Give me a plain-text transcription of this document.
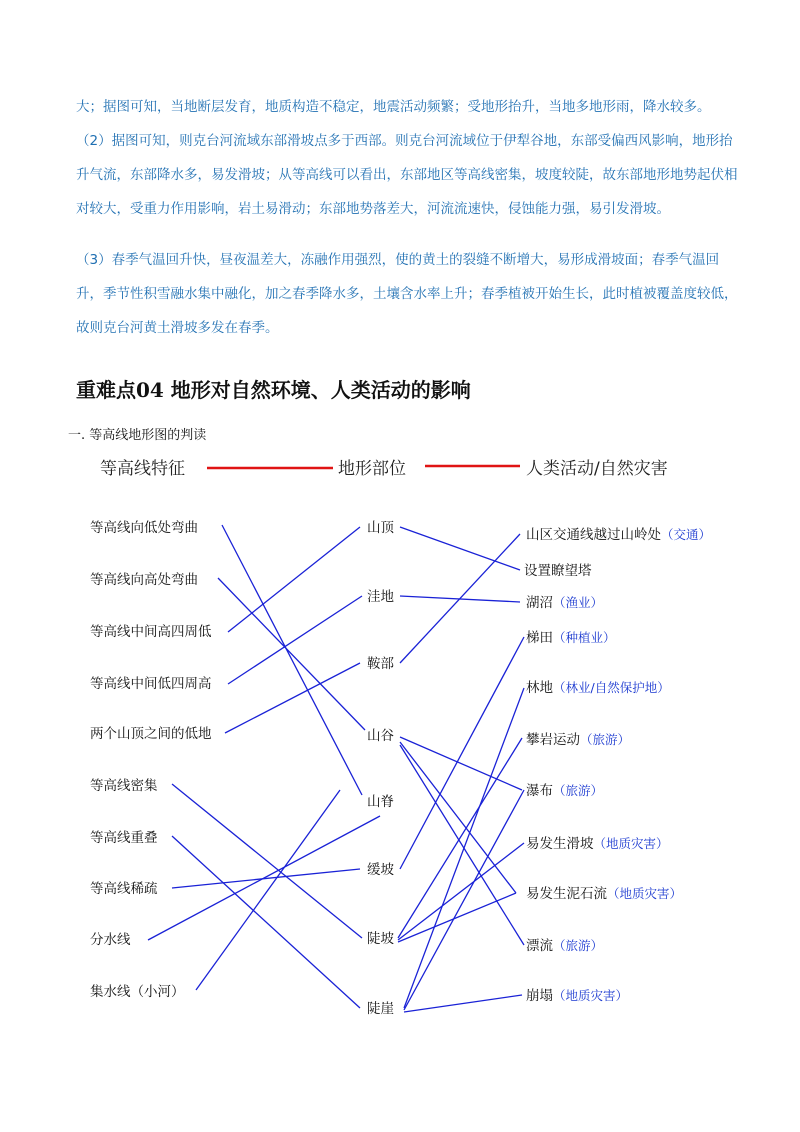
大；据图可知，当地断层发育，地质构造不稳定，地震活动频繁；受地形抬升，当地多地形雨，降水较多。

（2）据图可知，则克台河流域东部滑坡点多于西部。则克台河流域位于伊犁谷地，东部受偏西风影响，地形抬升气流，东部降水多，易发滑坡；从等高线可以看出，东部地区等高线密集，坡度较陡，故东部地形地势起伏相对较大，受重力作用影响，岩土易滑动；东部地势落差大，河流流速快，侵蚀能力强，易引发滑坡。

（3）春季气温回升快，昼夜温差大，冻融作用强烈，使的黄土的裂缝不断增大，易形成滑坡面；春季气温回升，季节性积雪融水集中融化，加之春季降水多，土壤含水率上升；春季植被开始生长，此时植被覆盖度较低，故则克台河黄土滑坡多发在春季。

重难点04 地形对自然环境、人类活动的影响

一. 等高线地形图的判读

等高线特征	地形部位	人类活动/自然灾害
等高线向低处弯曲
等高线向高处弯曲
等高线中间高四周低
等高线中间低四周高
两个山顶之间的低地
等高线密集
等高线重叠
等高线稀疏
分水线
集水线（小河）
山顶
洼地
鞍部
山谷
山脊
缓坡
陡坡
陡崖
山区交通线越过山岭处（交通）
设置瞭望塔
湖沼（渔业）
梯田（种植业）
林地（林业/自然保护地）
攀岩运动（旅游）
瀑布（旅游）
易发生滑坡（地质灾害）
易发生泥石流（地质灾害）
漂流（旅游）
崩塌（地质灾害）
